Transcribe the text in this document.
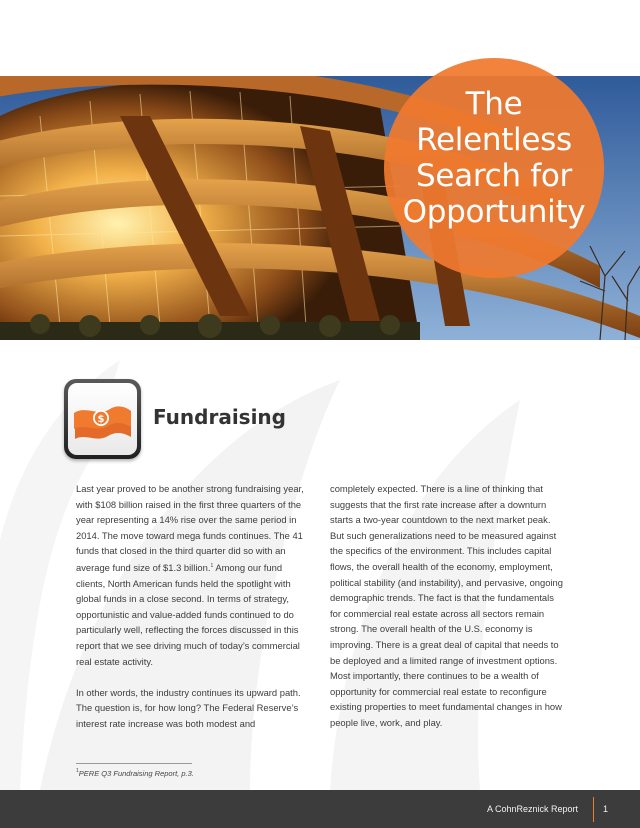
The
Relentless
Search for
Opportunity
$ Fundraising

Last year proved to be another strong fundraising year, with $108 billion raised in the first three quarters of the year representing a 14% rise over the same period in 2014. The move toward mega funds continues. The 41 funds that closed in the third quarter did so with an average fund size of $1.3 billion.$^1$ Among our fund clients, North American funds held the spotlight with global funds in a close second. In terms of strategy, opportunistic and value-added funds continued to do particularly well, reflecting the forces discussed in this report that we see driving much of today’s commercial real estate activity.

In other words, the industry continues its upward path. The question is, for how long? The Federal Reserve’s interest rate increase was both modest and

completely expected. There is a line of thinking that suggests that the first rate increase after a downturn starts a two-year countdown to the next market peak. But such generalizations need to be measured against the specifics of the environment. This includes capital flows, the overall health of the economy, employment, political stability (and instability), and pervasive, ongoing demographic trends. The fact is that the fundamentals for commercial real estate across all sectors remain strong. The overall health of the U.S. economy is improving. There is a great deal of capital that needs to be deployed and a limited range of investment options. Most importantly, there continues to be a wealth of opportunity for commercial real estate to reconfigure existing properties to meet fundamental changes in how people live, work, and play.

$^1$PERE Q3 Fundraising Report, p.3.
A CohnReznick Report	1
